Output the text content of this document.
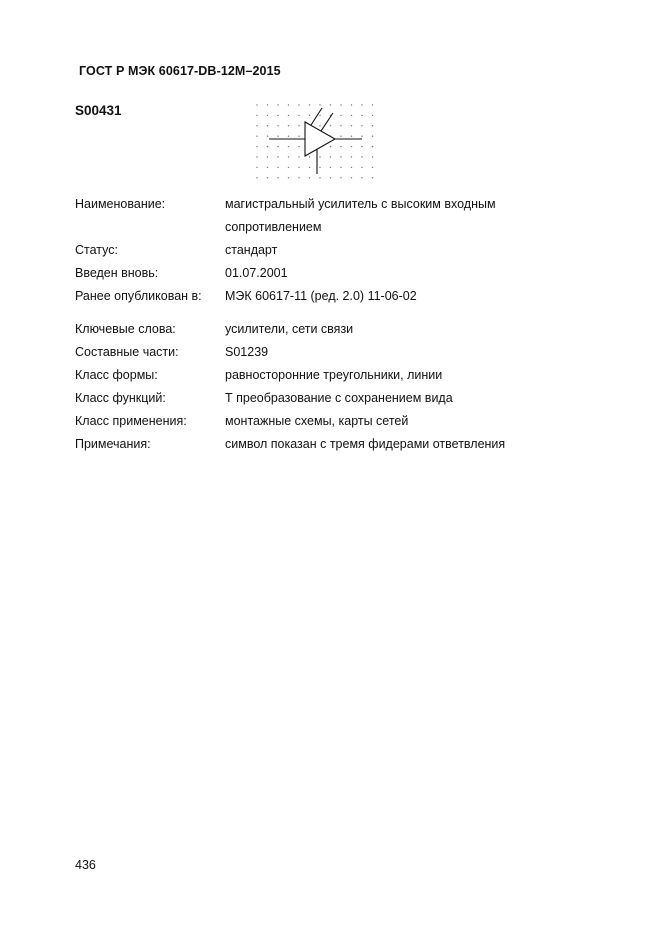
ГОСТ Р МЭК 60617-DB-12M–2015
S00431
Наименование:	магистральный усилитель с высоким входным сопротивлением
Статус:	стандарт
Введен вновь:	01.07.2001
Ранее опубликован в: МЭК 60617-11 (ред. 2.0) 11-06-02
Ключевые слова:	усилители, сети связи
Составные части:	S01239
Класс формы:	равносторонние треугольники, линии
Класс функций:	Т преобразование с сохранением вида
Класс применения:	монтажные схемы, карты сетей
Примечания:	символ показан с тремя фидерами ответвления
436
